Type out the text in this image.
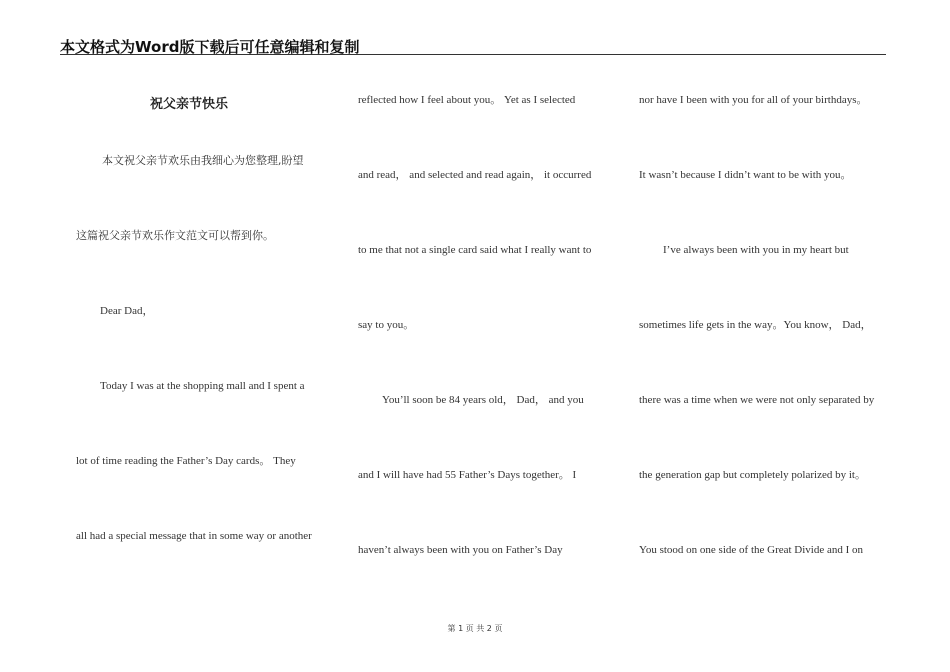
本文格式为Word版下载后可任意编辑和复制
祝父亲节快乐
本文祝父亲节欢乐由我细心为您整理,盼望
这篇祝父亲节欢乐作文范文可以帮到你。
Dear Dad，
Today I was at the shopping mall and I spent a
lot of time reading the Father’s Day cards。 They
all had a special message that in some way or another
reflected how I feel about you。 Yet as I selected
and read， and selected and read again， it occurred
to me that not a single card said what I really want to
say to you。
You’ll soon be 84 years old， Dad， and you
and I will have had 55 Father’s Days together。 I
haven’t always been with you on Father’s Day
nor have I been with you for all of your birthdays。
It wasn’t because I didn’t want to be with you。
I’ve always been with you in my heart but
sometimes life gets in the way。You know， Dad，
there was a time when we were not only separated by
the generation gap but completely polarized by it。
You stood on one side of the Great Divide and I on
第 1 页 共 2 页
